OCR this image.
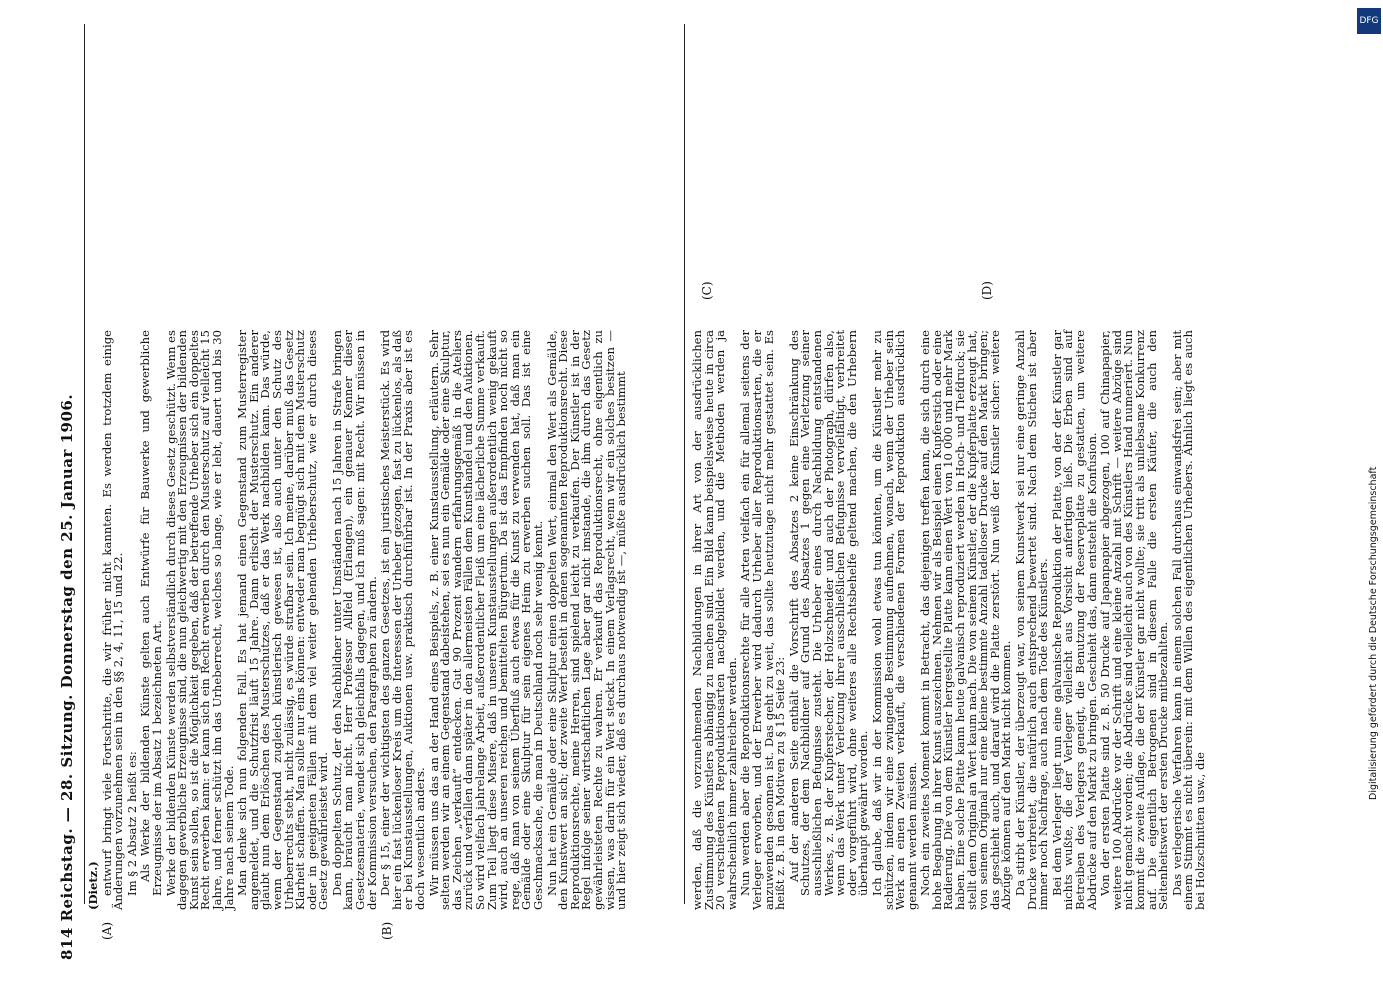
814 Reichstag. — 28. Sitzung. Donnerstag den 25. Januar 1906. (A)	(B)

(Dietz.) entwurf bringt viele Fortschritte, die wir früher nicht kannten. Es werden trotzdem einige Änderungen vorzunehmen sein in den §§ 2, 4, 11, 15 und 22. Im § 2 Absatz 2 heißt es: Als Werke der bildenden Künste gelten auch Entwürfe für Bauwerke und gewerbliche Erzeugnisse der im Absatz 1 bezeichneten Art. Werke der bildenden Künste werden selbstverständlich durch dieses Gesetz geschützt. Wenn es dagegen gewerbliche Erzeugnisse sind, die nun gleichwertig mit den Erzeugnissen der bildenden Kunst sein sollen, so ist die Möglichkeit gegeben, daß der betreffende Urheber sich ein doppeltes Recht erwerben kann: er kann sich ein Recht erwerben durch den Musterschutz auf vielleicht 15 Jahre, und ferner schützt ihn das Urheberrecht, welches so lange, wie er lebt, dauert und bis 30 Jahre nach seinem Tode. Man denke sich nun folgenden Fall. Es hat jemand einen Gegenstand zum Musterregister angemeldet, und die Schutzfrist läuft 15 Jahre. Dann erlischt der Musterschutz. Ein anderer glaubt nun dem Erlöschen des Musterschutzes, daß er das Werk nachbilden kann. Das würde, wenn der Gegenstand zugleich künstlerisch gewesen ist, also auch unter den Schutz des Urheberrechts steht, nicht zulässig, es würde strafbar sein. Ich meine, darüber muß das Gesetz Klarheit schaffen. Man sollte nur eins können: entweder man begnügt sich mit dem Musterschutz oder in geeigneten Fällen mit dem viel weiter gehenden Urheberschutz, wie er durch dieses Gesetz gewährleistet wird. Den doppelten Schutz, der den Nachbildner unter Umständen nach 15 Jahren in Strafe bringen kann, braucht man nicht. Herr Professor Allfeld (Erlangen), ein genauer Kenner dieser Gesetzesmaterie, wendet sich gleichfalls dagegen, und ich muß sagen: mit Recht. Wir müssen in der Kommission versuchen, den Paragraphen zu ändern. Der § 15, einer der wichtigsten des ganzen Gesetzes, ist ein juristisches Meisterstück. Es wird hier ein fast lückenloser Kreis um die Interessen der Urheber gezogen, fast zu lückenlos, als daß er bei Kunstausstellungen, Auktionen usw. praktisch durchführbar ist. In der Praxis aber ist es doch wesentlich anders. Wir müssen uns das an der Hand eines Beispiels, z. B. einer Kunstausstellung, erläutern. Sehr selten werden wir an einem Gegenstand dabeistehen, sei es nun ein Gemälde oder eine Skulptur, das Zeichen „verkauft“ entdecken. Gut 90 Prozent wandern erfahrungsgemäß in die Ateliers zurück und verfallen dann später in den allermeisten Fällen dem Kunsthandel und den Auktionen. So wird vielfach jahrelange Arbeit, außerordentlicher Fleiß um eine lächerliche Summe verkauft. Zum Teil liegt diese Misere, daß in unseren Kunstausstellungen außerordentlich wenig gekauft wird, auch an unseren reichen und bemittelten Bürgertum. Da ist das Empfinden noch nicht so rege, daß man von seinem Überfluß auch etwas für die Kunst zu verwenden hat, daß man ein Gemälde oder eine Skulptur für sein eigenes Heim zu erwerben suchen soll. Das ist eine Geschmacksache, die man in Deutschland noch sehr wenig kennt. Nun hat ein Gemälde oder eine Skulptur einen doppelten Wert, einmal den Wert als Gemälde, den Kunstwert an sich; der zweite Wert besteht in denen sogenannten Reproduktionsrecht. Diese Reproduktionsrechte, meine Herren, sind spielend leicht zu verkaufen. Der Künstler ist in der Regel infolge seiner wirtschaftlichen Lage aber gar nicht imstande, die ihm durch das Gesetz gewährleisteten Rechte zu wahren. Er verkauft das Reproduktionsrecht, ohne eigentlich zu wissen, was darin für ein Wert steckt. In einem Verlagsrecht, wenn wir ein solches besitzen — und hier zeigt sich wieder, daß es durchaus notwendig ist —, müßte ausdrücklich bestimmt

(C)	(D)

werden, daß die vorzunehmenden Nachbildungen in ihrer Art von der ausdrücklichen Zustimmung des Künstlers abhängig zu machen sind. Ein Bild kann beispielsweise heute in circa 20 verschiedenen Reproduktionsarten nachgebildet werden, und die Methoden werden ja wahrscheinlich immer zahlreicher werden. Nun werden aber die Reproduktionsrechte für alle Arten vielfach ein für allemal seitens der Verleger erworben, und der Erwerber wird dadurch Urheber aller Reproduktionsarten, die er anzuwenden gesonnen ist. Das geht zu weit, das sollte heutzutage nicht mehr gestattet sein. Es heißt z. B. in den Motiven zu § 15 Seite 23: Auf der anderen Seite enthält die Vorschrift des Absatzes 2 keine Einschränkung des Schutzes, der dem Nachbildner auf Grund des Absatzes 1 gegen eine Verletzung seiner ausschließlichen Befugnisse zusteht. Die Urheber eines durch Nachbildung entstandenen Werkes, z. B. der Kupferstecher, der Holzschneider und auch der Photograph, dürfen also, wenn das Werk unter Verletzung ihrer ausschließlichen Befugnisse vervielfältigt, verbreitet oder vorgeführt wird, ohne weiteres alle Rechtsbehelfe geltend machen, die den Urhebern überhaupt gewährt worden. Ich glaube, daß wir in der Kommission wohl etwas tun könnten, um die Künstler mehr zu schützen, indem wir eine zwingende Bestimmung aufnehmen, wonach, wenn der Urheber sein Werk an einen Zweiten verkauft, die verschiedenen Formen der Reproduktion ausdrücklich genannt werden müssen. Noch ein zweites Moment kommt in Betracht, das diejenigen treffen kann, die sich durch eine hohe Begabung in ihrer Kunst auszeichnen. Nehmen wir als Beispiel einen Kupferstich oder eine Radierung. Die von dem Künstler hergestellte Platte kann einen Wert von 10 000 und mehr Mark haben. Eine solche Platte kann heute galvanisch reproduziert werden in Hoch- und Tiefdruck; sie stellt dem Original an Wert kaum nach. Die von seinem Künstler, der die Kupferplatte erzeugt hat, von seinem Original nur eine kleine bestimmte Anzahl tadelloser Drucke auf den Markt bringen; das geschieht auch, und darauf wird die Platte zerstört. Nun weiß der Künstler sicher: weitere Abzüge können auf den Markt nicht kommen. Da stirbt der Künstler, der überzeugt war, von seinem Kunstwerk sei nur eine geringe Anzahl Drucke verbreitet, die natürlich auch entsprechend bewertet sind. Nach dem Stichen ist aber immer noch Nachfrage, auch nach dem Tode des Künstlers. Bei dem Verleger liegt nun eine galvanische Reproduktion der Platte, von der der Künstler gar nichts wußte, die der Verleger vielleicht aus Vorsicht anfertigen ließ. Die Erben sind auf Betreiben des Verlegers geneigt, die Benutzung der Reserveplatte zu gestatten, um weitere Abdrücke auf den Markt zu bringen. Geschieht das, dann entsteht die Konfusion. Von der ersten Platte sind z. B. 50 Drucke auf Japanpapier abgezogen, 100 auf Chinapapier, weitere 100 Abdrücke vor der Schrift und eine kleine Anzahl mit Schrift — weitere Abzüge sind nicht gemacht worden; die Abdrücke sind vielleicht auch von des Künstlers Hand numeriert. Nun kommt die zweite Auflage, die der Künstler gar nicht wollte; sie tritt als unliebsame Konkurrenz auf. Die eigentlich Betrogenen sind in diesem Falle die ersten Käufer, die auch den Seltenheitswert der ersten Drucke mitbezahlten. Das verlegerische Verfahren kann in einem solchen Fall durchaus einwandsfrei sein; aber mit einem Stimmt es nicht überein: mit dem Willen des eigentlichen Urhebers. Ähnlich liegt es auch bei Holzschnitten usw., die

DFG
Digitalisierung gefördert durch die Deutsche Forschungsgemeinschaft
